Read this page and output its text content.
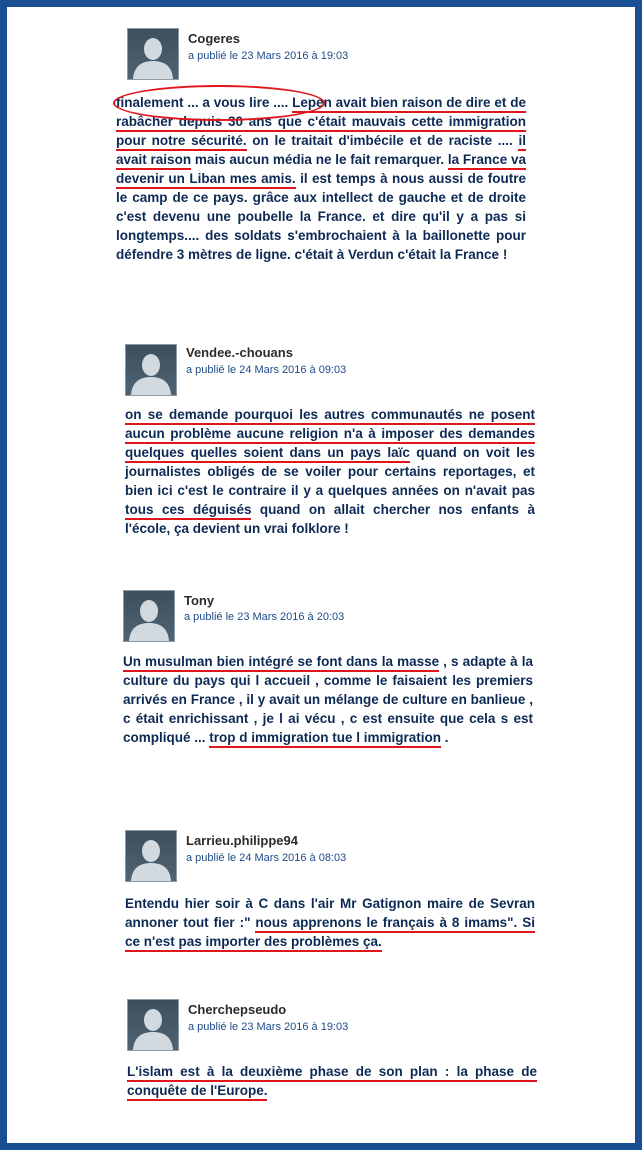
Cogeres
a publié le 23 Mars 2016 à 19:03
finalement ... a vous lire .... Lepen avait bien raison de dire et de rabâcher depuis 30 ans que c'était mauvais cette immigration pour notre sécurité. on le traitait d'imbécile et de raciste .... il avait raison mais aucun média ne le fait remarquer. la France va devenir un Liban mes amis. il est temps à nous aussi de foutre le camp de ce pays. grâce aux intellect de gauche et de droite c'est devenu une poubelle la France. et dire qu'il y a pas si longtemps.... des soldats s'embrochaient à la baillonette pour défendre 3 mètres de ligne. c'était à Verdun c'était la France !
Vendee.-chouans
a publié le 24 Mars 2016 à 09:03
on se demande pourquoi les autres communautés ne posent aucun problème aucune religion n'a à imposer des demandes quelques quelles soient dans un pays laïc quand on voit les journalistes obligés de se voiler pour certains reportages, et bien ici c'est le contraire il y a quelques années on n'avait pas tous ces déguisés quand on allait chercher nos enfants à l'école, ça devient un vrai folklore !
Tony
a publié le 23 Mars 2016 à 20:03
Un musulman bien intégré se font dans la masse , s adapte à la culture du pays qui l accueil , comme le faisaient les premiers arrivés en France , il y avait un mélange de culture en banlieue , c était enrichissant , je l ai vécu , c est ensuite que cela s est compliqué ... trop d immigration tue l immigration .
Larrieu.philippe94
a publié le 24 Mars 2016 à 08:03
Entendu hier soir à C dans l'air Mr Gatignon maire de Sevran annoner tout fier :" nous apprenons le français à 8 imams". Si ce n'est pas importer des problèmes ça.
Cherchepseudo
a publié le 23 Mars 2016 à 19:03
L'islam est à la deuxième phase de son plan : la phase de conquête de l'Europe.
